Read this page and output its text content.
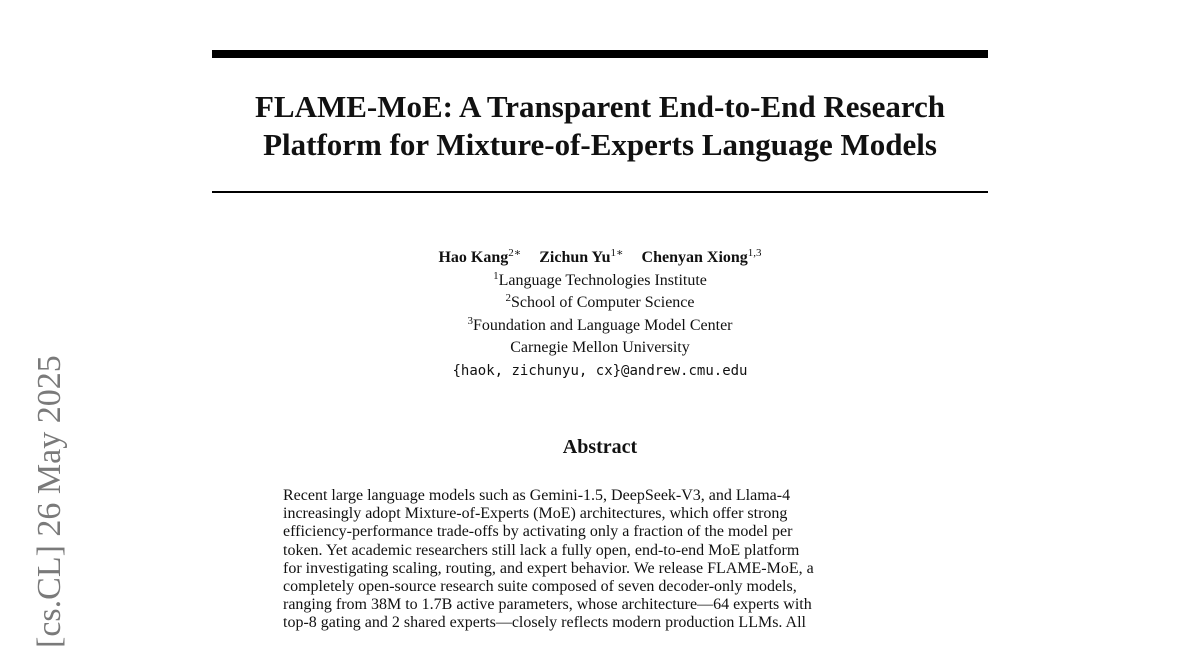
FLAME-MoE: A Transparent End-to-End Research
Platform for Mixture-of-Experts Language Models
Hao Kang$^{2∗}$ Zichun $Yu^{1∗}$ Chenyan Xiong$^{1,3}$
$^1$Language Technologies Institute
$^2$School of Computer Science
$^3$Foundation and Language Model Center
Carnegie Mellon University
{haok, zichunyu, cx}@andrew.cmu.edu
Abstract
Recent large language models such as Gemini-1.5, DeepSeek-V3, and Llama-4
increasingly adopt Mixture-of-Experts (MoE) architectures, which offer strong
efficiency-performance trade-offs by activating only a fraction of the model per
token. Yet academic researchers still lack a fully open, end-to-end MoE platform
for investigating scaling, routing, and expert behavior. We release FLAME-MoE, a
completely open-source research suite composed of seven decoder-only models,
ranging from 38M to 1.7B active parameters, whose architecture—64 experts with
top-8 gating and 2 shared experts—closely reflects modern production LLMs. All
[cs.CL] 26 May 2025
